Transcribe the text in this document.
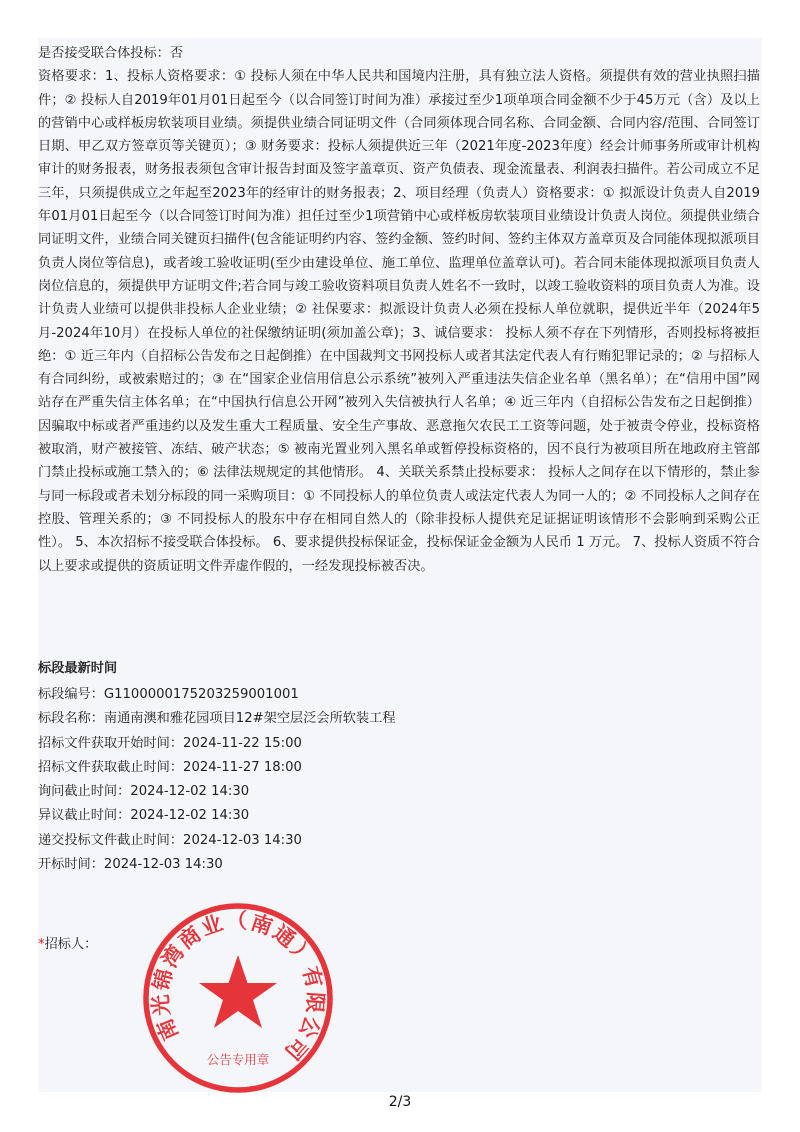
是否接受联合体投标：否
资格要求：1、投标人资格要求：① 投标人须在中华人民共和国境内注册，具有独立法人资格。须提供有效的营业执照扫描件；② 投标人自2019年01月01日起至今（以合同签订时间为准）承接过至少1项单项合同金额不少于45万元（含）及以上的营销中心或样板房软装项目业绩。须提供业绩合同证明文件（合同须体现合同名称、合同金额、合同内容/范围、合同签订日期、甲乙双方签章页等关键页）；③ 财务要求：投标人须提供近三年（2021年度-2023年度）经会计师事务所或审计机构审计的财务报表，财务报表须包含审计报告封面及签字盖章页、资产负债表、现金流量表、利润表扫描件。若公司成立不足三年，只须提供成立之年起至2023年的经审计的财务报表；2、项目经理（负责人）资格要求：① 拟派设计负责人自2019年01月01日起至今（以合同签订时间为准）担任过至少1项营销中心或样板房软装项目业绩设计负责人岗位。须提供业绩合同证明文件，业绩合同关键页扫描件(包含能证明约内容、签约金额、签约时间、签约主体双方盖章页及合同能体现拟派项目负责人岗位等信息)，或者竣工验收证明(至少由建设单位、施工单位、监理单位盖章认可)。若合同未能体现拟派项目负责人岗位信息的，须提供甲方证明文件;若合同与竣工验收资料项目负责人姓名不一致时，以竣工验收资料的项目负责人为准。设计负责人业绩可以提供非投标人企业业绩；② 社保要求：拟派设计负责人必须在投标人单位就职，提供近半年（2024年5月-2024年10月）在投标人单位的社保缴纳证明(须加盖公章)；3、诚信要求： 投标人须不存在下列情形，否则投标将被拒绝：① 近三年内（自招标公告发布之日起倒推）在中国裁判文书网投标人或者其法定代表人有行贿犯罪记录的；② 与招标人有合同纠纷，或被索赔过的；③ 在“国家企业信用信息公示系统”被列入严重违法失信企业名单（黑名单）；在“信用中国”网站存在严重失信主体名单；在“中国执行信息公开网”被列入失信被执行人名单；④ 近三年内（自招标公告发布之日起倒推）因骗取中标或者严重违约以及发生重大工程质量、安全生产事故、恶意拖欠农民工工资等问题，处于被责令停业，投标资格被取消，财产被接管、冻结、破产状态；⑤ 被南光置业列入黑名单或暂停投标资格的，因不良行为被项目所在地政府主管部门禁止投标或施工禁入的；⑥ 法律法规规定的其他情形。 4、关联关系禁止投标要求： 投标人之间存在以下情形的，禁止参与同一标段或者未划分标段的同一采购项目：① 不同投标人的单位负责人或法定代表人为同一人的；② 不同投标人之间存在控股、管理关系的；③ 不同投标人的股东中存在相同自然人的（除非投标人提供充足证据证明该情形不会影响到采购公正性）。 5、本次招标不接受联合体投标。 6、要求提供投标保证金，投标保证金金额为人民币 1 万元。 7、投标人资质不符合以上要求或提供的资质证明文件弄虚作假的，一经发现投标被否决。

标段最新时间
标段编号：G1100000175203259001001
标段名称：南通南澳和雅花园项目12#架空层泛会所软装工程
招标文件获取开始时间：2024-11-22 15:00
招标文件获取截止时间：2024-11-27 18:00
询问截止时间：2024-12-02 14:30
异议截止时间：2024-12-02 14:30
递交投标文件截止时间：2024-12-03 14:30
开标时间：2024-12-03 14:30
*招标人：
南光锦湾商业（南通）有限公司
公告专用章
2/3
